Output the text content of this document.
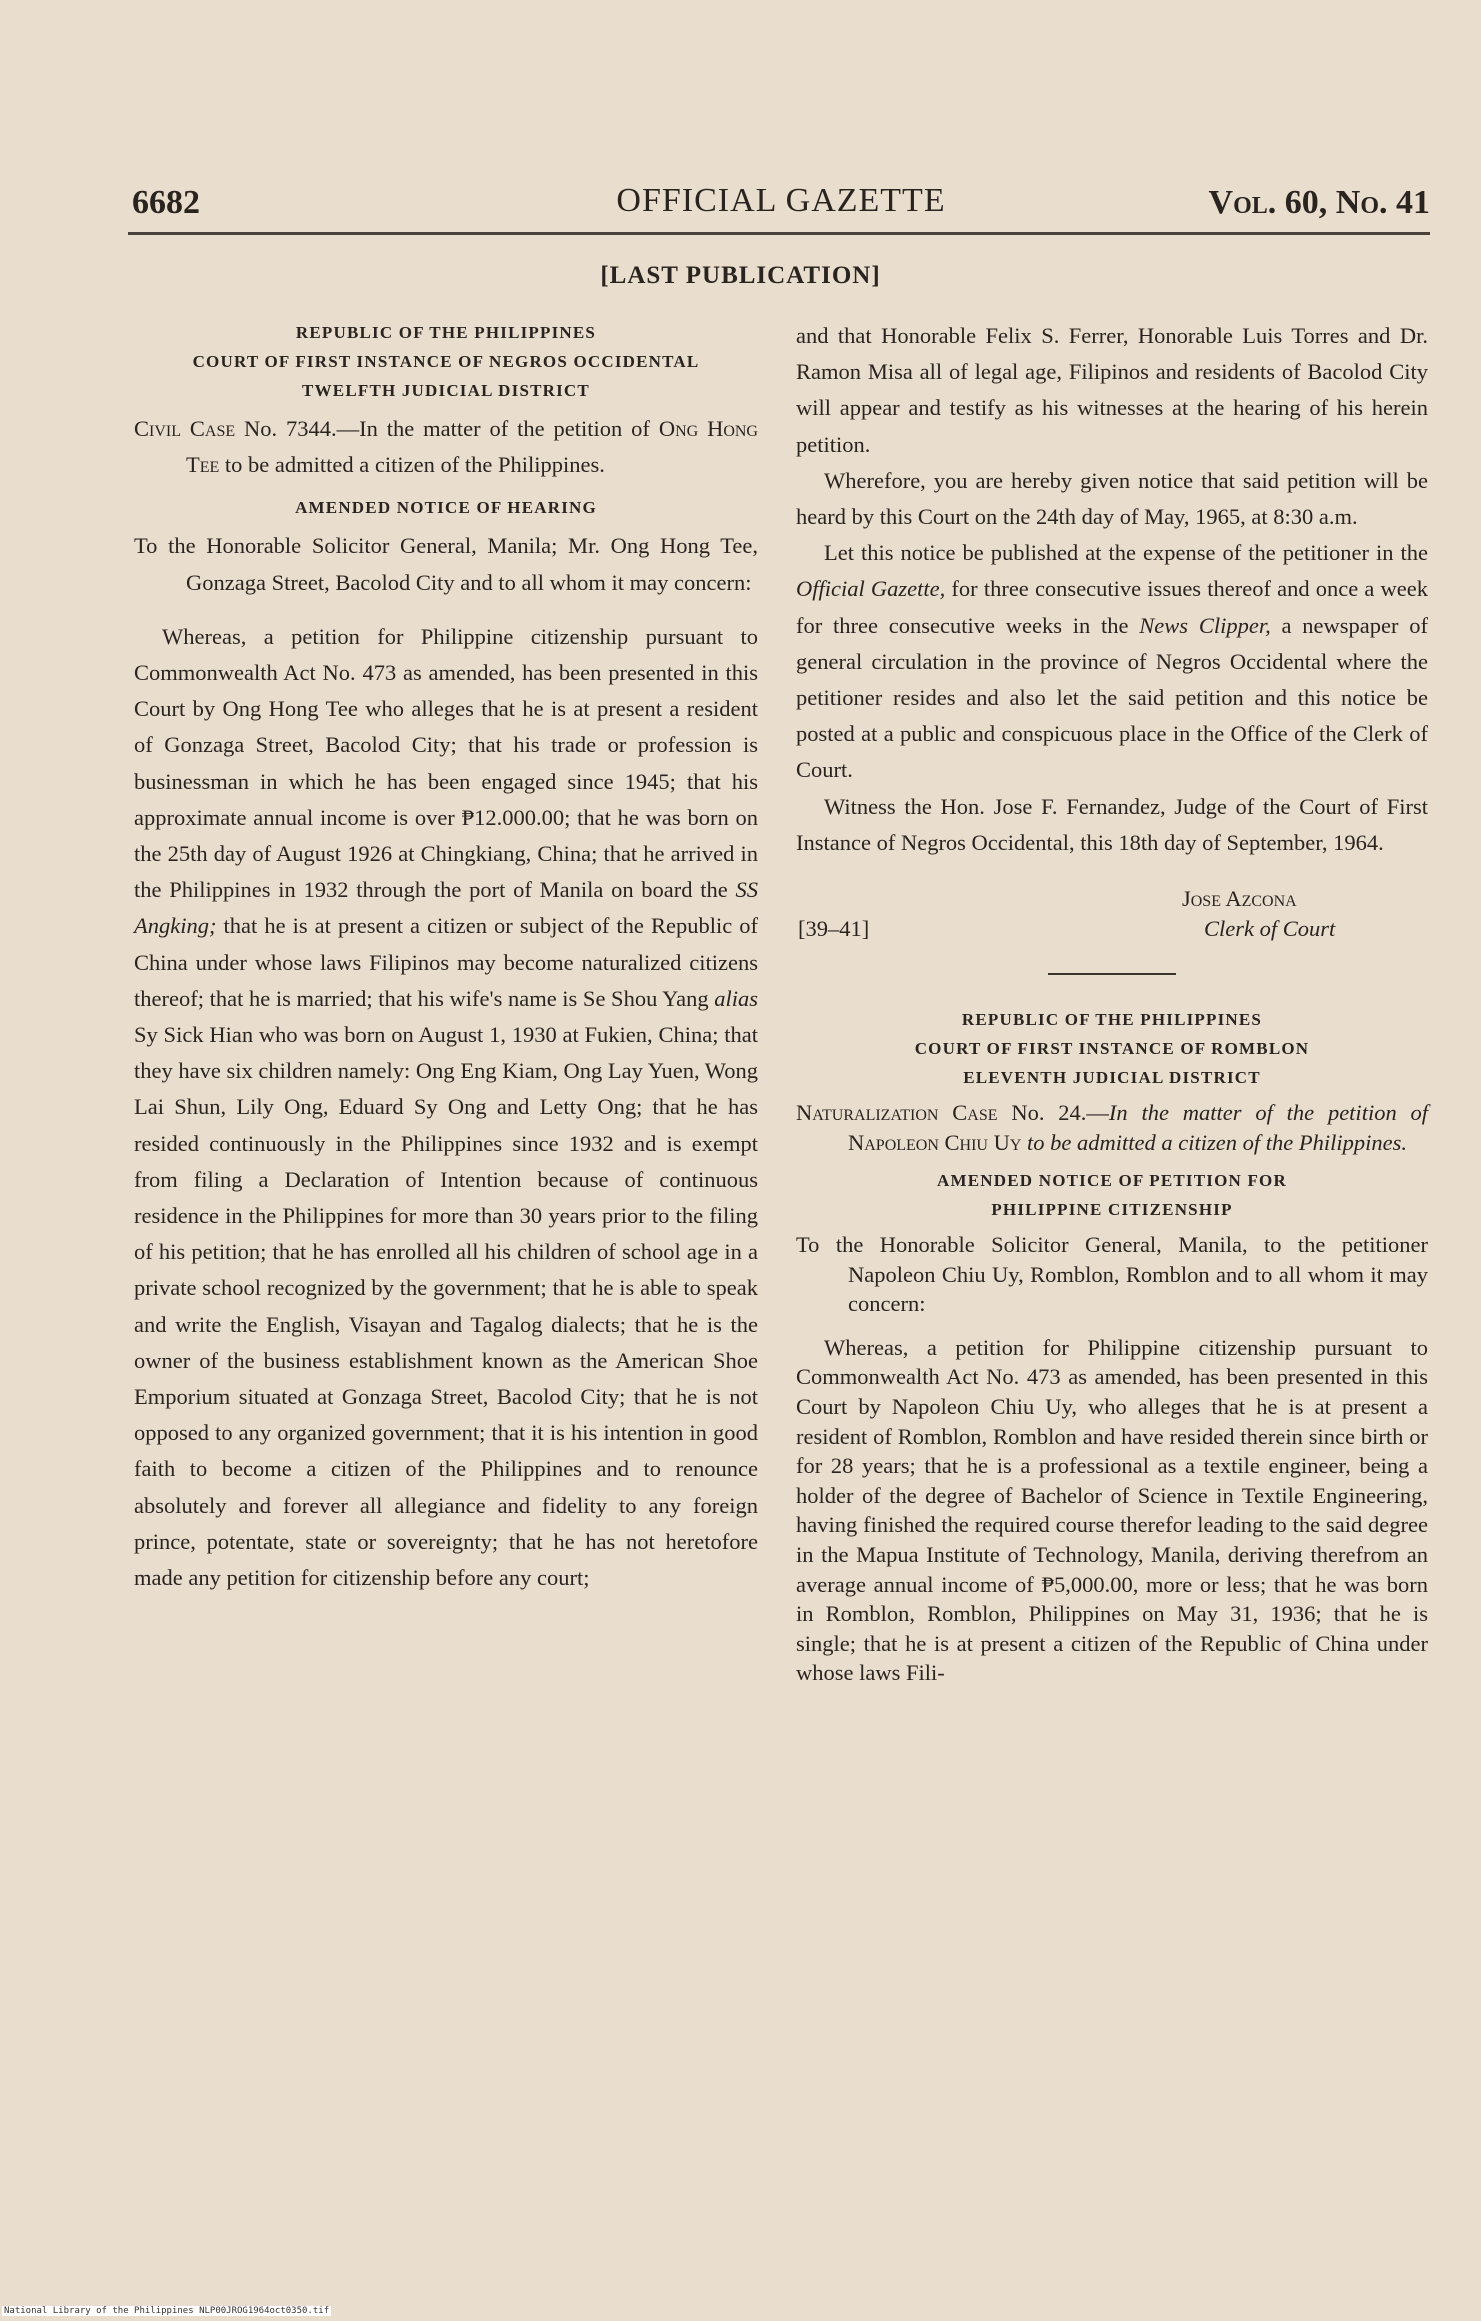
6682	OFFICIAL GAZETTE	Vol. 60, No. 41
[LAST PUBLICATION]
REPUBLIC OF THE PHILIPPINES
COURT OF FIRST INSTANCE OF NEGROS OCCIDENTAL
TWELFTH JUDICIAL DISTRICT

Civil Case No. 7344.—In the matter of the petition of Ong Hong Tee to be admitted a citizen of the Philippines.

AMENDED NOTICE OF HEARING

To the Honorable Solicitor General, Manila; Mr. Ong Hong Tee, Gonzaga Street, Bacolod City and to all whom it may concern:

Whereas, a petition for Philippine citizenship pursuant to Commonwealth Act No. 473 as amended, has been presented in this Court by Ong Hong Tee who alleges that he is at present a resident of Gonzaga Street, Bacolod City; that his trade or profession is businessman in which he has been engaged since 1945; that his approximate annual income is over ₱12.000.00; that he was born on the 25th day of August 1926 at Chingkiang, China; that he arrived in the Philippines in 1932 through the port of Manila on board the SS Angking; that he is at present a citizen or subject of the Republic of China under whose laws Filipinos may become naturalized citizens thereof; that he is married; that his wife's name is Se Shou Yang alias Sy Sick Hian who was born on August 1, 1930 at Fukien, China; that they have six children namely: Ong Eng Kiam, Ong Lay Yuen, Wong Lai Shun, Lily Ong, Eduard Sy Ong and Letty Ong; that he has resided continuously in the Philippines since 1932 and is exempt from filing a Declaration of Intention because of continuous residence in the Philippines for more than 30 years prior to the filing of his petition; that he has enrolled all his children of school age in a private school recognized by the government; that he is able to speak and write the English, Visayan and Tagalog dialects; that he is the owner of the business establishment known as the American Shoe Emporium situated at Gonzaga Street, Bacolod City; that he is not opposed to any organized government; that it is his intention in good faith to become a citizen of the Philippines and to renounce absolutely and forever all allegiance and fidelity to any foreign prince, potentate, state or sovereignty; that he has not heretofore made any petition for citizenship before any court;

and that Honorable Felix S. Ferrer, Honorable Luis Torres and Dr. Ramon Misa all of legal age, Filipinos and residents of Bacolod City will appear and testify as his witnesses at the hearing of his herein petition.

Wherefore, you are hereby given notice that said petition will be heard by this Court on the 24th day of May, 1965, at 8:30 a.m.

Let this notice be published at the expense of the petitioner in the Official Gazette, for three consecutive issues thereof and once a week for three consecutive weeks in the News Clipper, a newspaper of general circulation in the province of Negros Occidental where the petitioner resides and also let the said petition and this notice be posted at a public and conspicuous place in the Office of the Clerk of Court.

Witness the Hon. Jose F. Fernandez, Judge of the Court of First Instance of Negros Occidental, this 18th day of September, 1964.

Jose Azcona
[39–41]	Clerk of Court
REPUBLIC OF THE PHILIPPINES
COURT OF FIRST INSTANCE OF ROMBLON
ELEVENTH JUDICIAL DISTRICT

Naturalization Case No. 24.—In the matter of the petition of Napoleon Chiu Uy to be admitted a citizen of the Philippines.

AMENDED NOTICE OF PETITION FOR
PHILIPPINE CITIZENSHIP

To the Honorable Solicitor General, Manila, to the petitioner Napoleon Chiu Uy, Romblon, Romblon and to all whom it may concern:

Whereas, a petition for Philippine citizenship pursuant to Commonwealth Act No. 473 as amended, has been presented in this Court by Napoleon Chiu Uy, who alleges that he is at present a resident of Romblon, Romblon and have resided therein since birth or for 28 years; that he is a professional as a textile engineer, being a holder of the degree of Bachelor of Science in Textile Engineering, having finished the required course therefor leading to the said degree in the Mapua Institute of Technology, Manila, deriving therefrom an average annual income of ₱5,000.00, more or less; that he was born in Romblon, Romblon, Philippines on May 31, 1936; that he is single; that he is at present a citizen of the Republic of China under whose laws Fili-

National Library of the Philippines NLP00JROG1964oct0350.tif
